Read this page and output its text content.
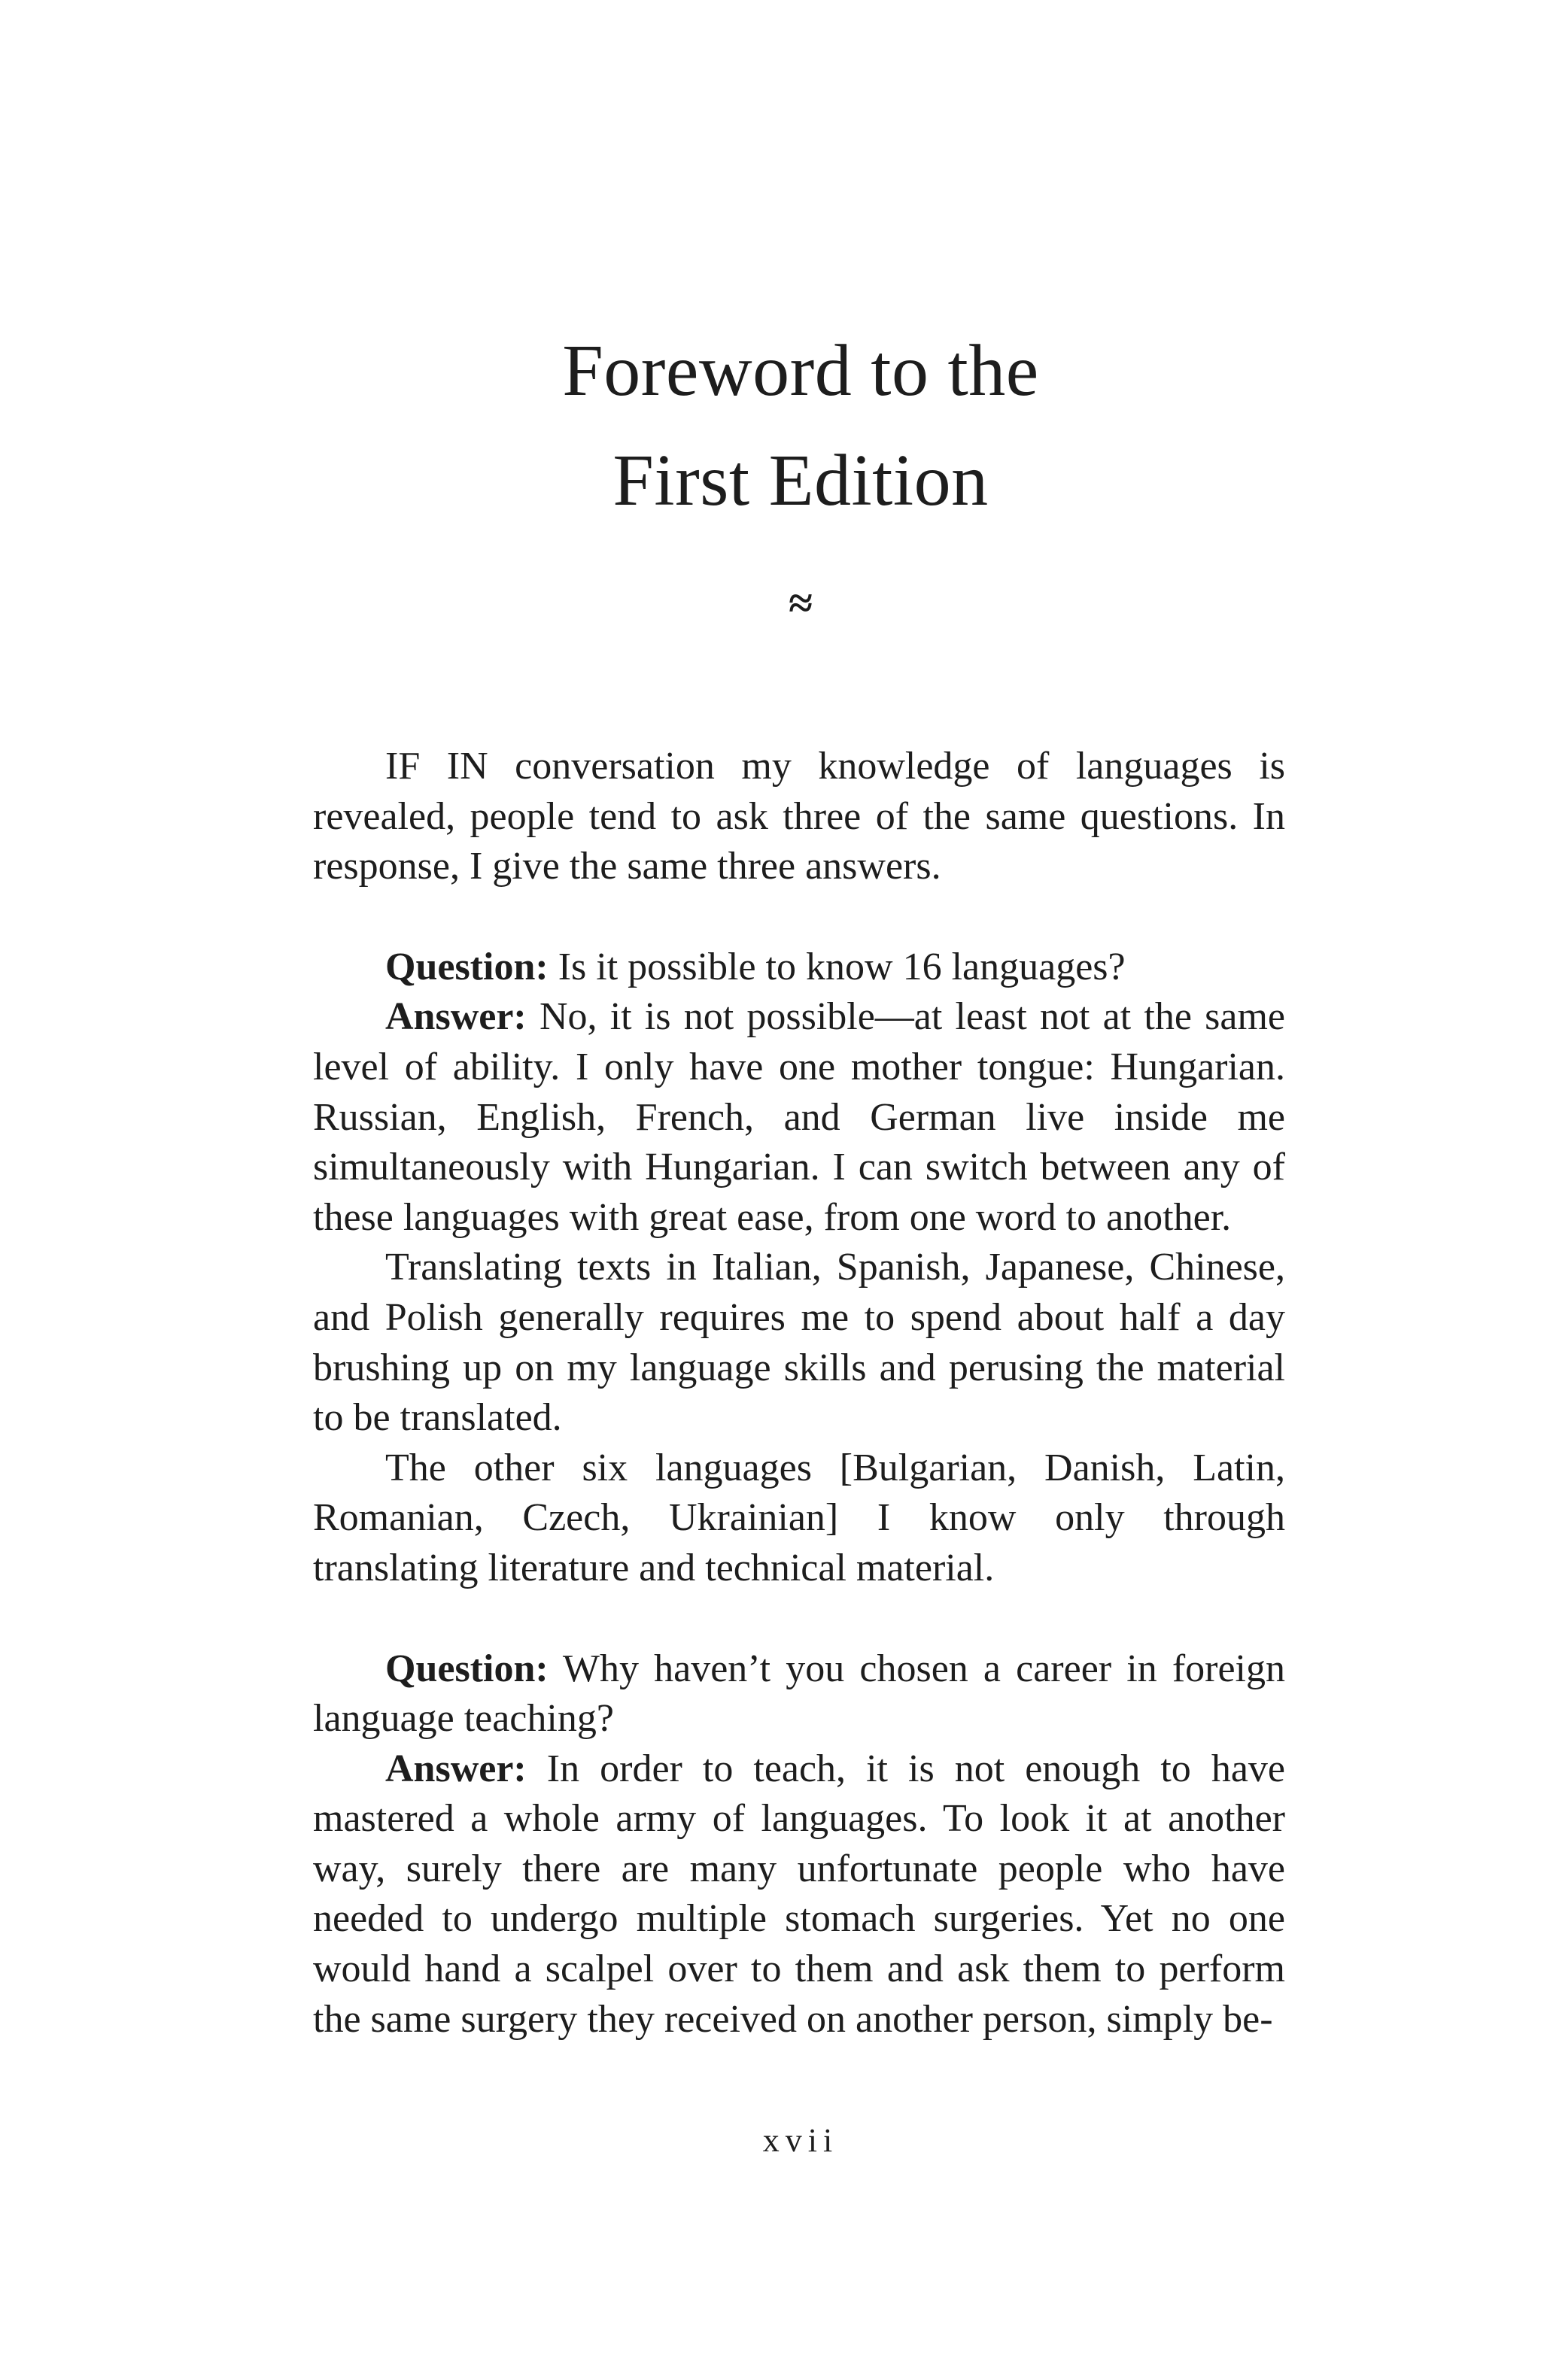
Foreword to the
First Edition
≈

IF IN conversation my knowledge of languages is revealed, people tend to ask three of the same questions. In response, I give the same three answers.

Question: Is it possible to know 16 languages?

Answer: No, it is not possible—at least not at the same level of ability. I only have one mother tongue: Hungarian. Russian, English, French, and German live inside me simultaneously with Hungarian. I can switch between any of these languages with great ease, from one word to another.

Translating texts in Italian, Spanish, Japanese, Chinese, and Polish generally requires me to spend about half a day brushing up on my language skills and perusing the material to be translated.

The other six languages [Bulgarian, Danish, Latin, Romanian, Czech, Ukrainian] I know only through translating literature and technical material.

Question: Why haven’t you chosen a career in foreign language teaching?

Answer: In order to teach, it is not enough to have mastered a whole army of languages. To look it at another way, surely there are many unfortunate people who have needed to undergo multiple stomach surgeries. Yet no one would hand a scalpel over to them and ask them to perform the same surgery they received on another person, simply be-

xvii
